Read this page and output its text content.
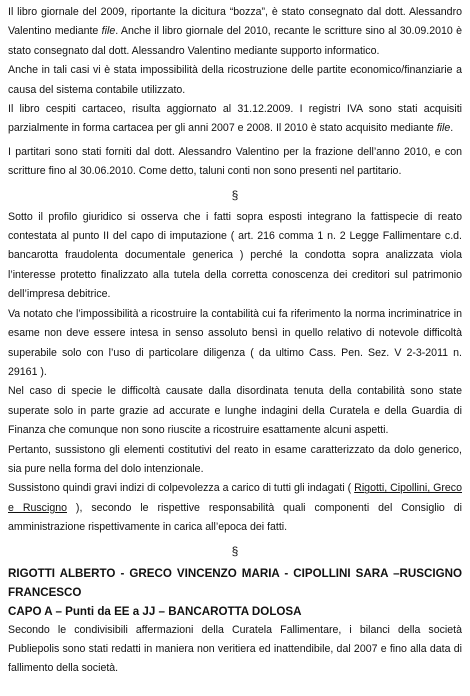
Il libro giornale del 2009, riportante la dicitura “bozza”, è stato consegnato dal dott. Alessandro Valentino mediante file. Anche il libro giornale del 2010, recante le scritture sino al 30.09.2010 è stato consegnato dal dott. Alessandro Valentino mediante supporto informatico.

Anche in tali casi vi è stata impossibilità della ricostruzione delle partite economico/finanziarie a causa del sistema contabile utilizzato.

Il libro cespiti cartaceo, risulta aggiornato al 31.12.2009. I registri IVA sono stati acquisiti parzialmente in forma cartacea per gli anni 2007 e 2008. Il 2010 è stato acquisito mediante file.

I partitari sono stati forniti dal dott. Alessandro Valentino per la frazione dell’anno 2010, e con scritture fino al 30.06.2010. Come detto, taluni conti non sono presenti nel partitario.

§

Sotto il profilo giuridico si osserva che i fatti sopra esposti integrano la fattispecie di reato contestata al punto II del capo di imputazione ( art. 216 comma 1 n. 2 Legge Fallimentare c.d. bancarotta fraudolenta documentale generica ) perché la condotta sopra analizzata viola l’interesse protetto finalizzato alla tutela della corretta conoscenza dei creditori sul patrimonio dell’impresa debitrice.

Va notato che l’impossibilità a ricostruire la contabilità cui fa riferimento la norma incriminatrice in esame non deve essere intesa in senso assoluto bensì in quello relativo di notevole difficoltà superabile solo con l’uso di particolare diligenza ( da ultimo Cass. Pen. Sez. V 2-3-2011 n. 29161 ).

Nel caso di specie le difficoltà causate dalla disordinata tenuta della contabilità sono state superate solo in parte grazie ad accurate e lunghe indagini della Curatela e della Guardia di Finanza che comunque non sono riuscite a ricostruire esattamente alcuni aspetti.

Pertanto, sussistono gli elementi costitutivi del reato in esame caratterizzato da dolo generico, sia pure nella forma del dolo intenzionale.

Sussistono quindi gravi indizi di colpevolezza a carico di tutti gli indagati ( Rigotti, Cipollini, Greco e Ruscigno ), secondo le rispettive responsabilità quali componenti del Consiglio di amministrazione rispettivamente in carica all’epoca dei fatti.

§
RIGOTTI ALBERTO - GRECO VINCENZO MARIA - CIPOLLINI SARA –RUSCIGNO FRANCESCO
CAPO A – Punti da EE a JJ – BANCAROTTA DOLOSA

Secondo le condivisibili affermazioni della Curatela Fallimentare, i bilanci della società Publiepolis sono stati redatti in maniera non veritiera ed inattendibile, dal 2007 e fino alla data di fallimento della società.
